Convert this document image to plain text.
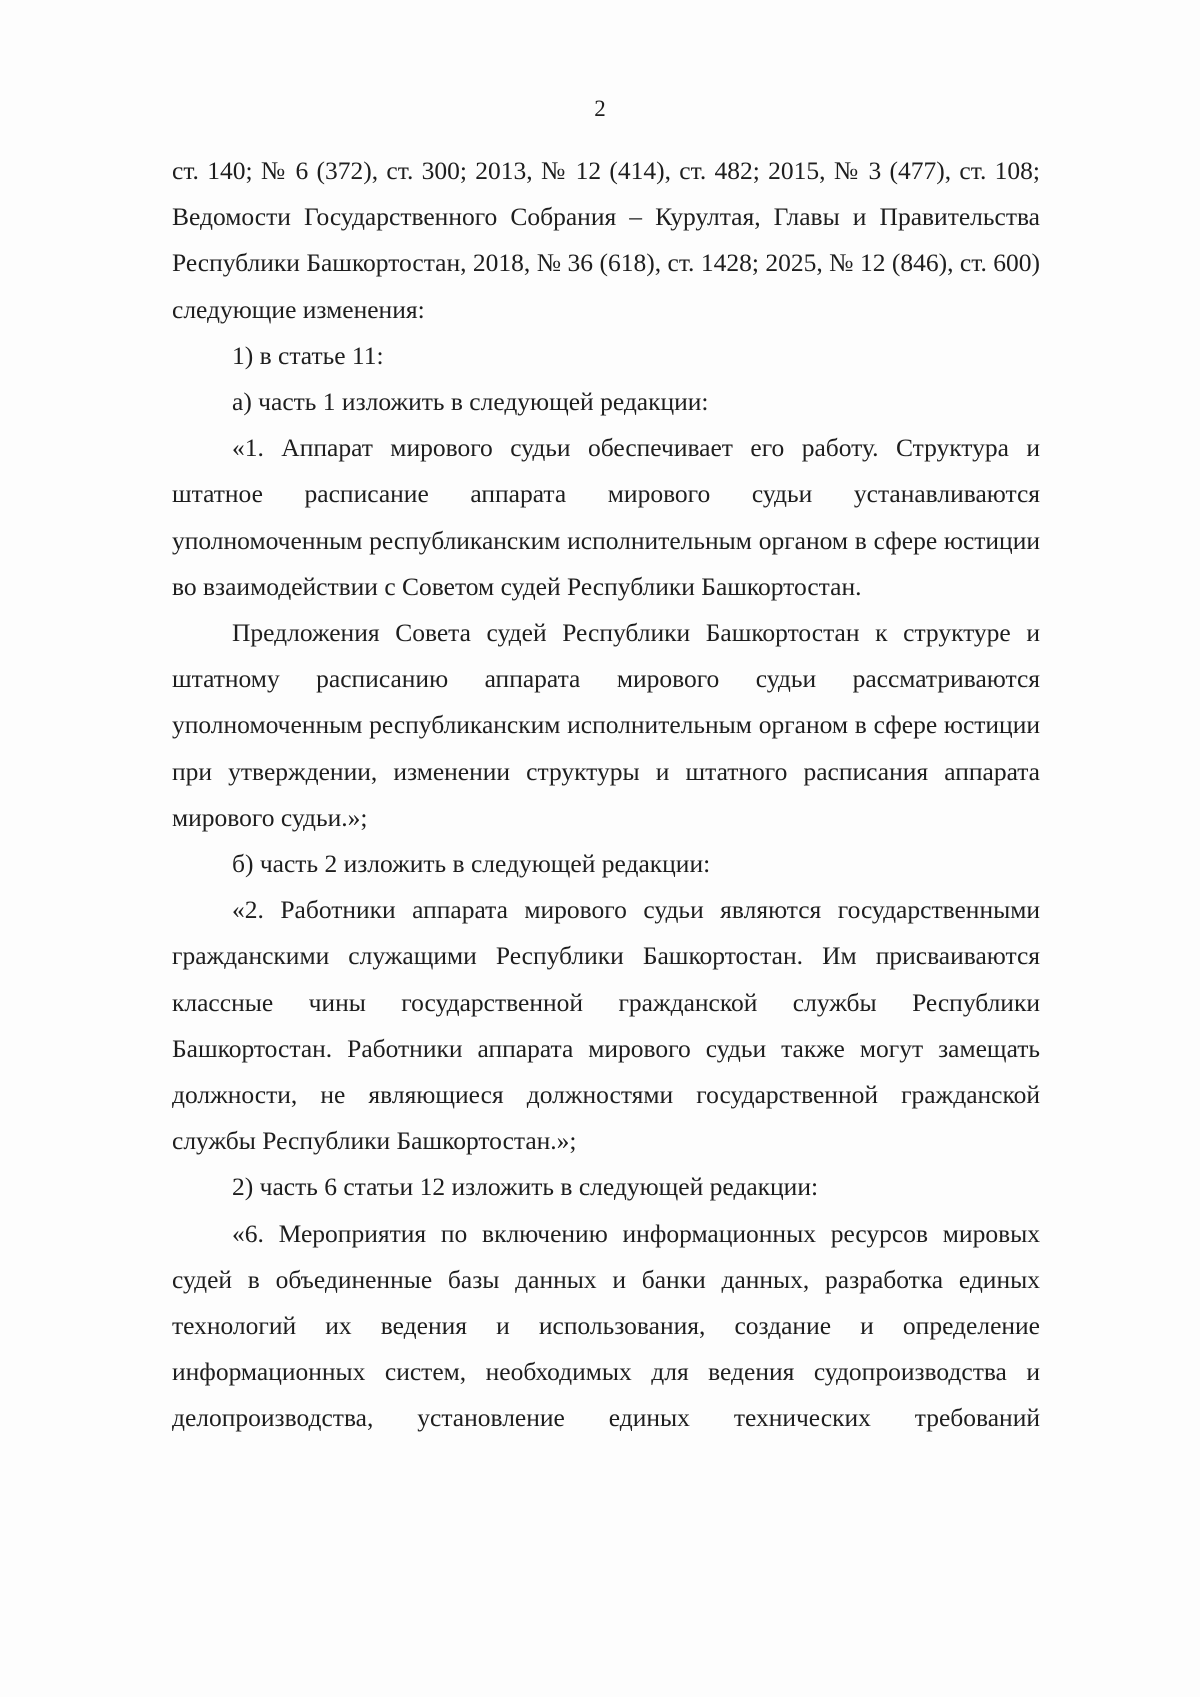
2

ст. 140; № 6 (372), ст. 300; 2013, № 12 (414), ст. 482; 2015, № 3 (477), ст. 108; Ведомости Государственного Собрания – Курултая, Главы и Правительства Республики Башкортостан, 2018, № 36 (618), ст. 1428; 2025, № 12 (846), ст. 600) следующие изменения:

1) в статье 11:

а) часть 1 изложить в следующей редакции:

«1. Аппарат мирового судьи обеспечивает его работу. Структура и штатное расписание аппарата мирового судьи устанавливаются уполномоченным республиканским исполнительным органом в сфере юстиции во взаимодействии с Советом судей Республики Башкортостан.

Предложения Совета судей Республики Башкортостан к структуре и штатному расписанию аппарата мирового судьи рассматриваются уполномоченным республиканским исполнительным органом в сфере юстиции при утверждении, изменении структуры и штатного расписания аппарата мирового судьи.»;

б) часть 2 изложить в следующей редакции:

«2. Работники аппарата мирового судьи являются государственными гражданскими служащими Республики Башкортостан. Им присваиваются классные чины государственной гражданской службы Республики Башкортостан. Работники аппарата мирового судьи также могут замещать должности, не являющиеся должностями государственной гражданской службы Республики Башкортостан.»;

2) часть 6 статьи 12 изложить в следующей редакции:

«6. Мероприятия по включению информационных ресурсов мировых судей в объединенные базы данных и банки данных, разработка единых технологий их ведения и использования, создание и определение информационных систем, необходимых для ведения судопроизводства и делопроизводства, установление единых технических требований
